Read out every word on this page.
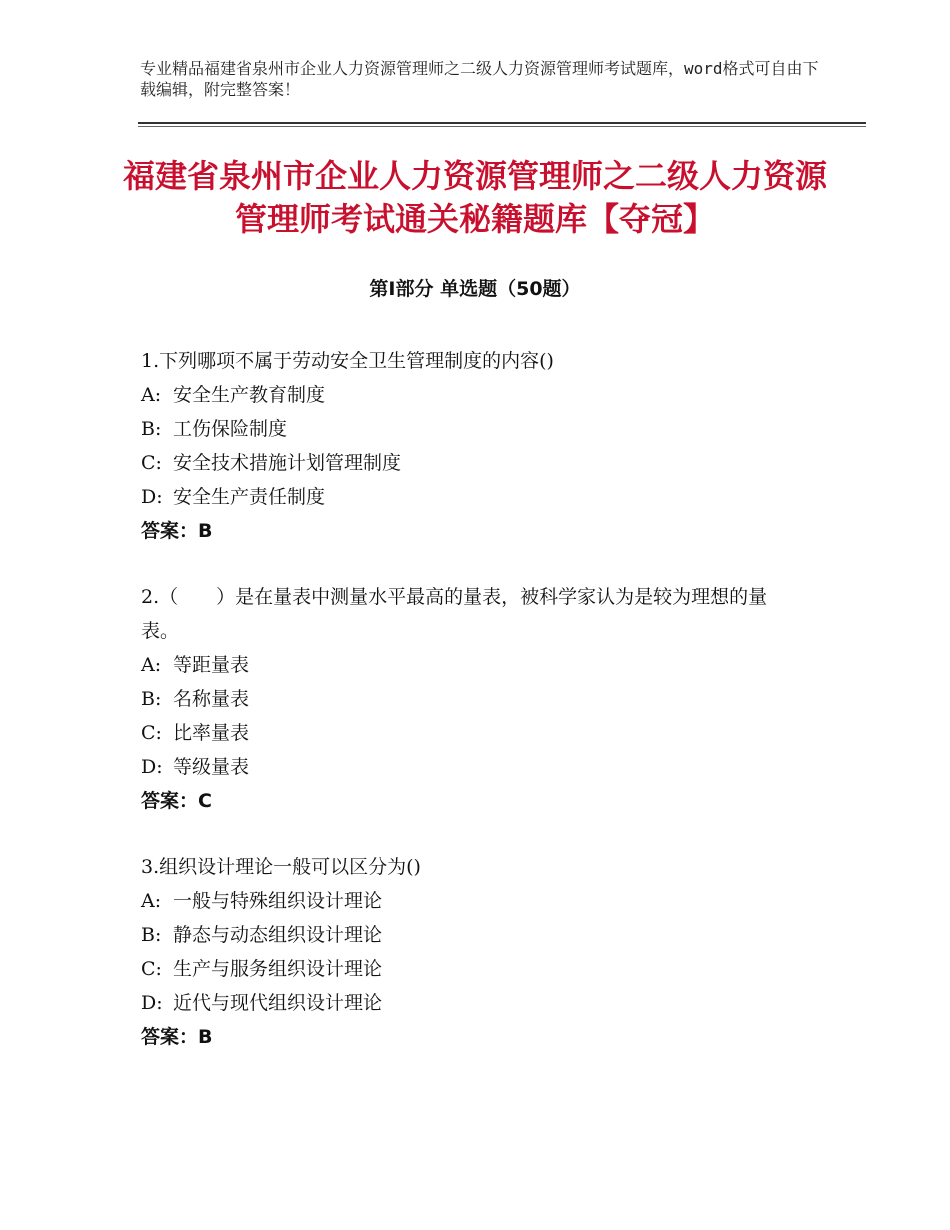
专业精品福建省泉州市企业人力资源管理师之二级人力资源管理师考试题库，word格式可自由下载编辑，附完整答案！
福建省泉州市企业人力资源管理师之二级人力资源管理师考试通关秘籍题库【夺冠】
第Ⅰ部分 单选题（50题）

1.下列哪项不属于劳动安全卫生管理制度的内容()

A: 安全生产教育制度

B: 工伤保险制度

C: 安全技术措施计划管理制度

D: 安全生产责任制度

答案：B

2.（　　）是在量表中测量水平最高的量表，被科学家认为是较为理想的量表。

A: 等距量表

B: 名称量表

C: 比率量表

D: 等级量表

答案：C

3.组织设计理论一般可以区分为()

A: 一般与特殊组织设计理论

B: 静态与动态组织设计理论

C: 生产与服务组织设计理论

D: 近代与现代组织设计理论

答案：B
